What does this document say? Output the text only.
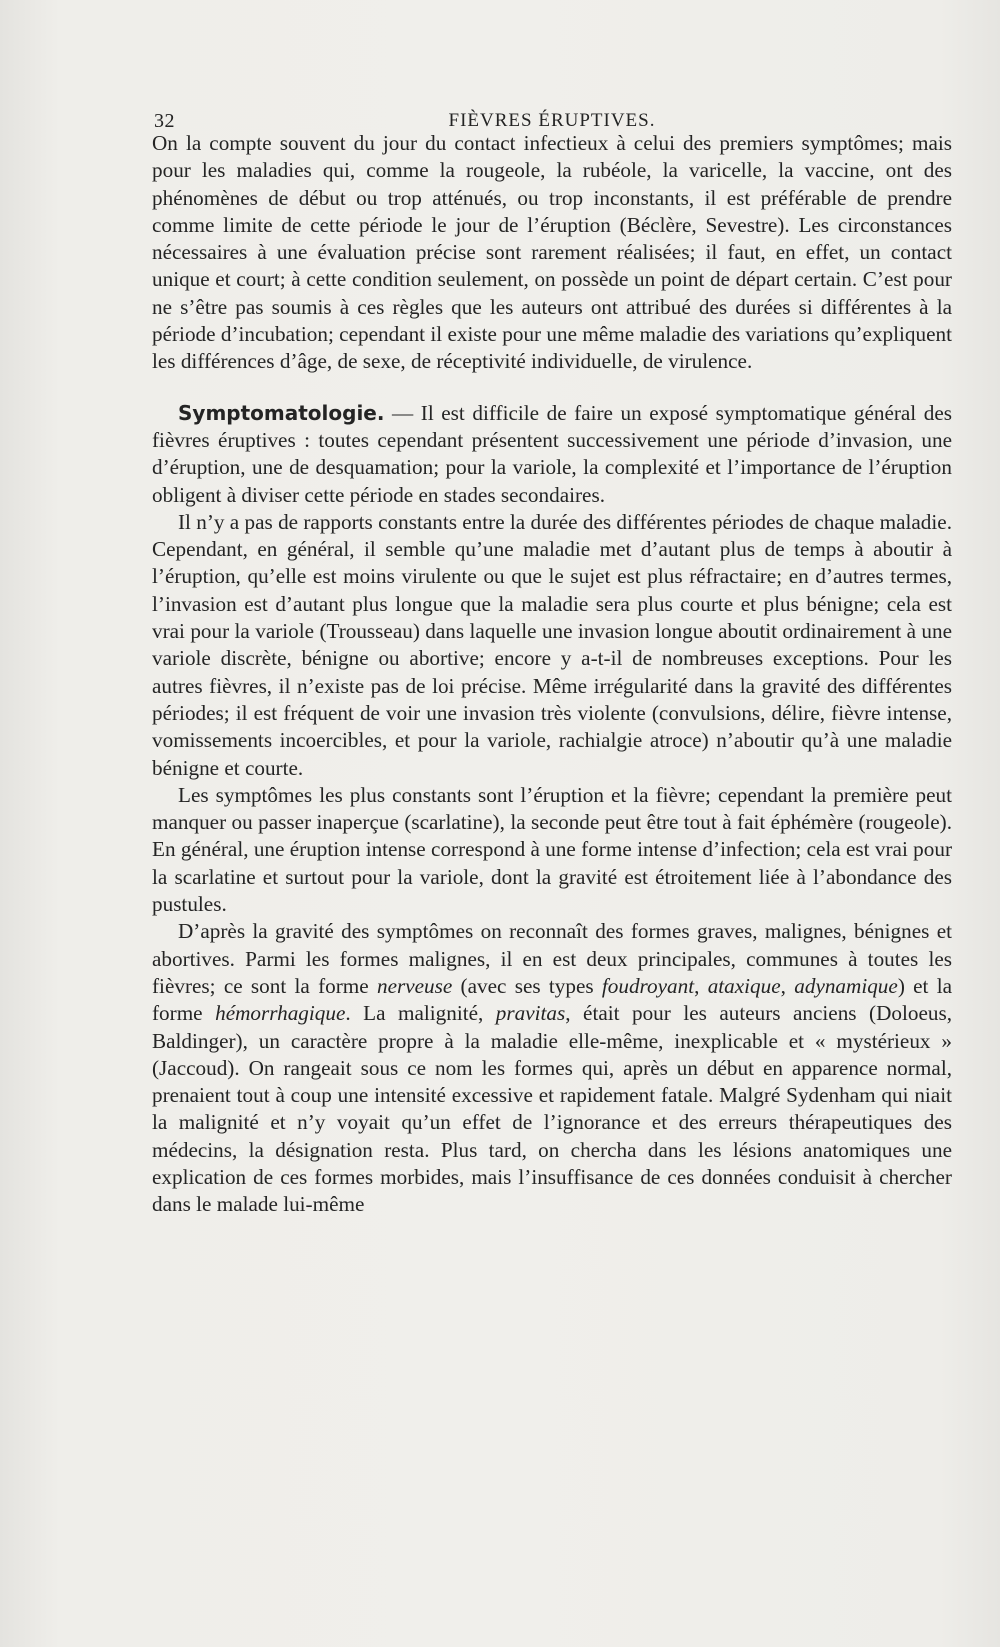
32	FIÈVRES ÉRUPTIVES.

On la compte souvent du jour du contact infectieux à celui des premiers symptômes; mais pour les maladies qui, comme la rougeole, la rubéole, la varicelle, la vaccine, ont des phénomènes de début ou trop atténués, ou trop inconstants, il est préférable de prendre comme limite de cette période le jour de l’éruption (Béclère, Sevestre). Les circonstances nécessaires à une évaluation précise sont rarement réalisées; il faut, en effet, un contact unique et court; à cette condition seulement, on possède un point de départ certain. C’est pour ne s’être pas soumis à ces règles que les auteurs ont attribué des durées si différentes à la période d’incubation; cependant il existe pour une même maladie des variations qu’expliquent les différences d’âge, de sexe, de réceptivité individuelle, de virulence.

Symptomatologie. — Il est difficile de faire un exposé symptomatique général des fièvres éruptives : toutes cependant présentent successivement une période d’invasion, une d’éruption, une de desquamation; pour la variole, la complexité et l’importance de l’éruption obligent à diviser cette période en stades secondaires.

Il n’y a pas de rapports constants entre la durée des différentes périodes de chaque maladie. Cependant, en général, il semble qu’une maladie met d’autant plus de temps à aboutir à l’éruption, qu’elle est moins virulente ou que le sujet est plus réfractaire; en d’autres termes, l’invasion est d’autant plus longue que la maladie sera plus courte et plus bénigne; cela est vrai pour la variole (Trousseau) dans laquelle une invasion longue aboutit ordinairement à une variole discrète, bénigne ou abortive; encore y a-t-il de nombreuses exceptions. Pour les autres fièvres, il n’existe pas de loi précise. Même irrégularité dans la gravité des différentes périodes; il est fréquent de voir une invasion très violente (convulsions, délire, fièvre intense, vomissements incoercibles, et pour la variole, rachialgie atroce) n’aboutir qu’à une maladie bénigne et courte.

Les symptômes les plus constants sont l’éruption et la fièvre; cependant la première peut manquer ou passer inaperçue (scarlatine), la seconde peut être tout à fait éphémère (rougeole). En général, une éruption intense correspond à une forme intense d’infection; cela est vrai pour la scarlatine et surtout pour la variole, dont la gravité est étroitement liée à l’abondance des pustules.

D’après la gravité des symptômes on reconnaît des formes graves, malignes, bénignes et abortives. Parmi les formes malignes, il en est deux principales, communes à toutes les fièvres; ce sont la forme nerveuse (avec ses types foudroyant, ataxique, adynamique) et la forme hémorrhagique. La malignité, pravitas, était pour les auteurs anciens (Doloeus, Baldinger), un caractère propre à la maladie elle-même, inexplicable et « mystérieux » (Jaccoud). On rangeait sous ce nom les formes qui, après un début en apparence normal, prenaient tout à coup une intensité excessive et rapidement fatale. Malgré Sydenham qui niait la malignité et n’y voyait qu’un effet de l’ignorance et des erreurs thérapeutiques des médecins, la désignation resta. Plus tard, on chercha dans les lésions anatomiques une explication de ces formes morbides, mais l’insuffisance de ces données conduisit à chercher dans le malade lui-même
